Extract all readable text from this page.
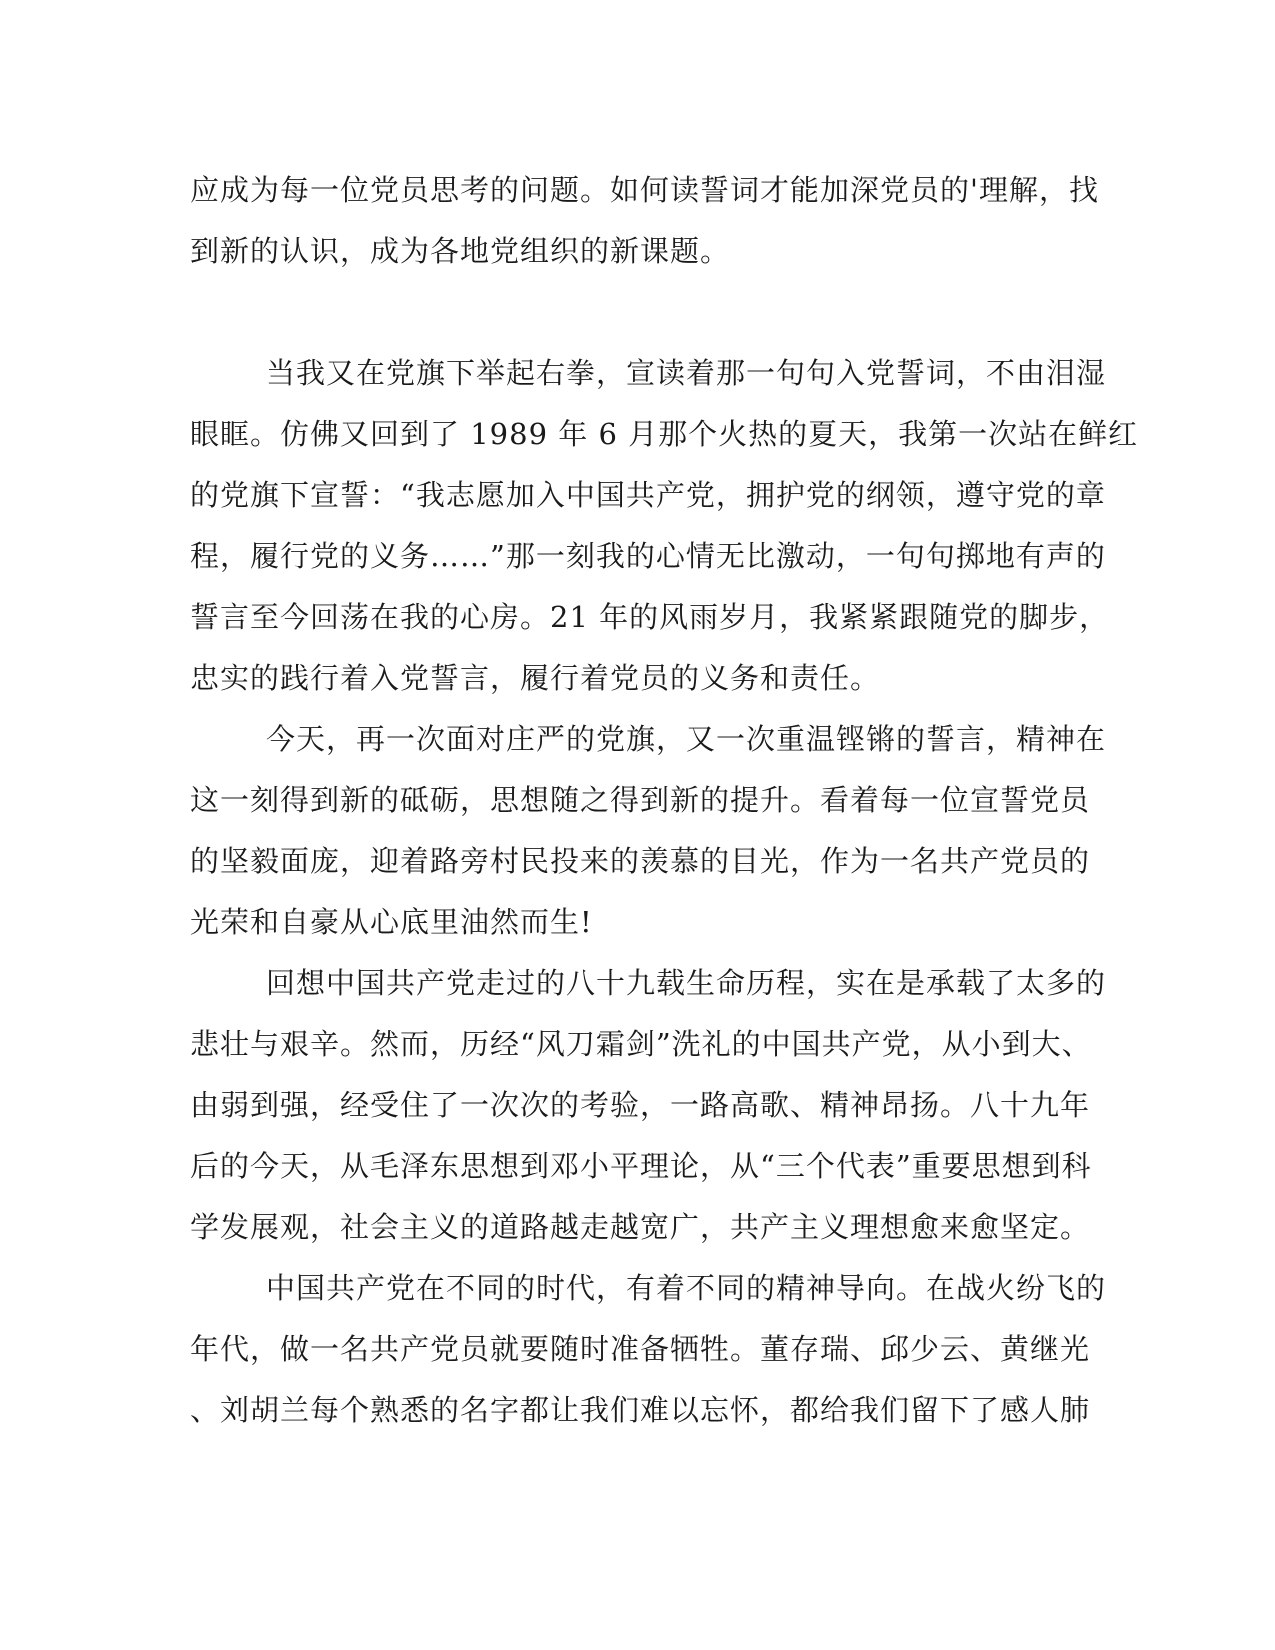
应成为每一位党员思考的问题。如何读誓词才能加深党员的'理解，找
到新的认识，成为各地党组织的新课题。
当我又在党旗下举起右拳，宣读着那一句句入党誓词，不由泪湿
眼眶。仿佛又回到了 1989 年 6 月那个火热的夏天，我第一次站在鲜红
的党旗下宣誓：“我志愿加入中国共产党，拥护党的纲领，遵守党的章
程，履行党的义务……”那一刻我的心情无比激动，一句句掷地有声的
誓言至今回荡在我的心房。21 年的风雨岁月，我紧紧跟随党的脚步，
忠实的践行着入党誓言，履行着党员的义务和责任。
今天，再一次面对庄严的党旗，又一次重温铿锵的誓言，精神在
这一刻得到新的砥砺，思想随之得到新的提升。看着每一位宣誓党员
的坚毅面庞，迎着路旁村民投来的羡慕的目光，作为一名共产党员的
光荣和自豪从心底里油然而生!
回想中国共产党走过的八十九载生命历程，实在是承载了太多的
悲壮与艰辛。然而，历经“风刀霜剑”洗礼的中国共产党，从小到大、
由弱到强，经受住了一次次的考验，一路高歌、精神昂扬。八十九年
后的今天，从毛泽东思想到邓小平理论，从“三个代表”重要思想到科
学发展观，社会主义的道路越走越宽广，共产主义理想愈来愈坚定。
中国共产党在不同的时代，有着不同的精神导向。在战火纷飞的
年代，做一名共产党员就要随时准备牺牲。董存瑞、邱少云、黄继光
、刘胡兰每个熟悉的名字都让我们难以忘怀，都给我们留下了感人肺
